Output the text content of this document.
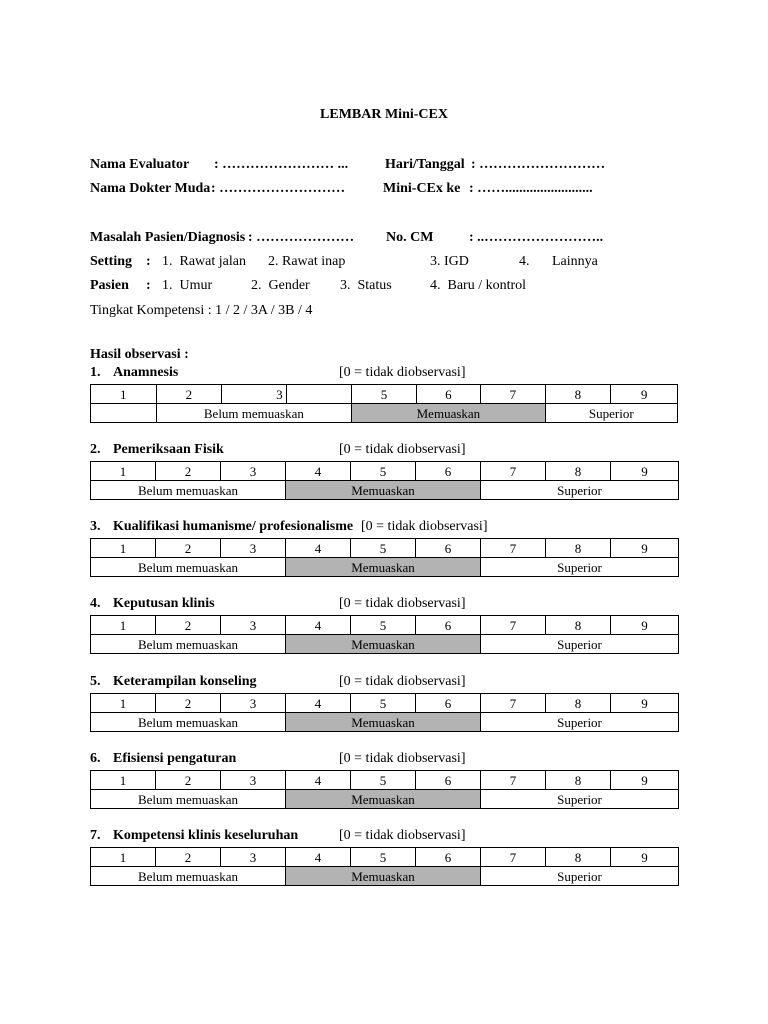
LEMBAR Mini-CEX
Nama Evaluator : …………………… ...	Hari/Tanggal : ………………………
Nama Dokter Muda : ………………………	Mini-CEx ke : …….........................
Masalah Pasien/Diagnosis : ………………… No. CM	: ..……………………..
Setting : 1.  Rawat jalan 2. Rawat inap	3. IGD	4. Lainnya
Pasien : 1.  Umur	2.  Gender 3.  Status	4.  Baru / kontrol
Tingkat Kompetensi : 1 / 2 / 3A / 3B / 4
Hasil observasi :
1. Anamnesis	[0 = tidak diobservasi]
1	2	3		5	6	7	8	9
	Belum memuaskan			Memuaskan			Superior	
2. Pemeriksaan Fisik	[0 = tidak diobservasi]
1	2	3	4	5	6	7	8	9
Belum memuaskan			Memuaskan			Superior		
3. Kualifikasi humanisme/ profesionalisme [0 = tidak diobservasi]
1	2	3	4	5	6	7	8	9
Belum memuaskan			Memuaskan			Superior		
4. Keputusan klinis	[0 = tidak diobservasi]
1	2	3	4	5	6	7	8	9
Belum memuaskan			Memuaskan			Superior		
5. Keterampilan konseling	[0 = tidak diobservasi]
1	2	3	4	5	6	7	8	9
Belum memuaskan			Memuaskan			Superior		
6. Efisiensi pengaturan	[0 = tidak diobservasi]
1	2	3	4	5	6	7	8	9
Belum memuaskan			Memuaskan			Superior		
7. Kompetensi klinis keseluruhan	[0 = tidak diobservasi]
1	2	3	4	5	6	7	8	9
Belum memuaskan			Memuaskan			Superior		
